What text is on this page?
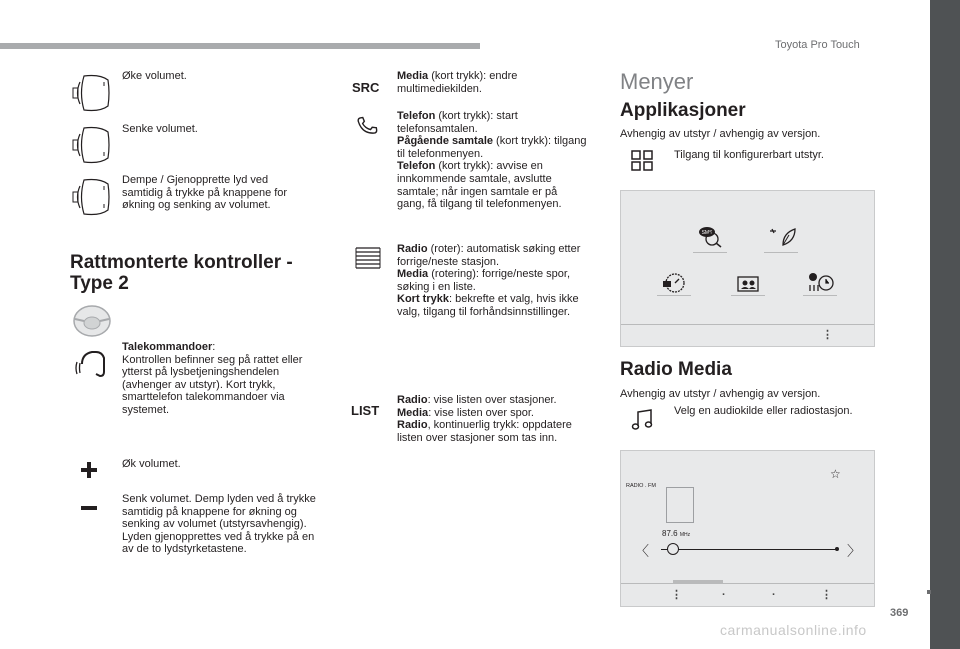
Toyota Pro Touch
369
carmanualsonline.info
Øke volumet.
Senke volumet.
Dempe / Gjenopprette lyd ved samtidig å trykke på knappene for økning og senking av volumet.
Rattmonterte kontroller -
Type 2
Talekommandoer:
Kontrollen befinner seg på rattet eller ytterst på lysbetjeningshendelen (avhenger av utstyr). Kort trykk, smarttelefon talekommandoer via systemet.
Øk volumet.
Senk volumet. Demp lyden ved å trykke samtidig på knappene for økning og senking av volumet (utstyrsavhengig). Lyden gjenopprettes ved å trykke på en av de to lydstyrketastene.
SRC
Media (kort trykk): endre multimediekilden.
Telefon (kort trykk): start telefonsamtalen.
Pågående samtale (kort trykk): tilgang til telefonmenyen.
Telefon (kort trykk): avvise en innkommende samtale, avslutte samtale; når ingen samtale er på gang, få tilgang til telefonmenyen.
Radio (roter): automatisk søking etter forrige/neste stasjon.
Media (rotering): forrige/neste spor, søking i en liste.
Kort trykk: bekrefte et valg, hvis ikke valg, tilgang til forhåndsinnstillinger.
LIST
Radio: vise listen over stasjoner.
Media: vise listen over spor.
Radio, kontinuerlig trykk: oppdatere listen over stasjoner som tas inn.
Menyer
Applikasjoner
Avhengig av utstyr / avhengig av versjon.
Tilgang til konfigurerbart utstyr.
SMS
⋮
Radio Media
Avhengig av utstyr / avhengig av versjon.
Velg en audiokilde eller radiostasjon.
RADIO . FM
☆
87.6 MHz
〈	〉
⋮	·	·	⋮
